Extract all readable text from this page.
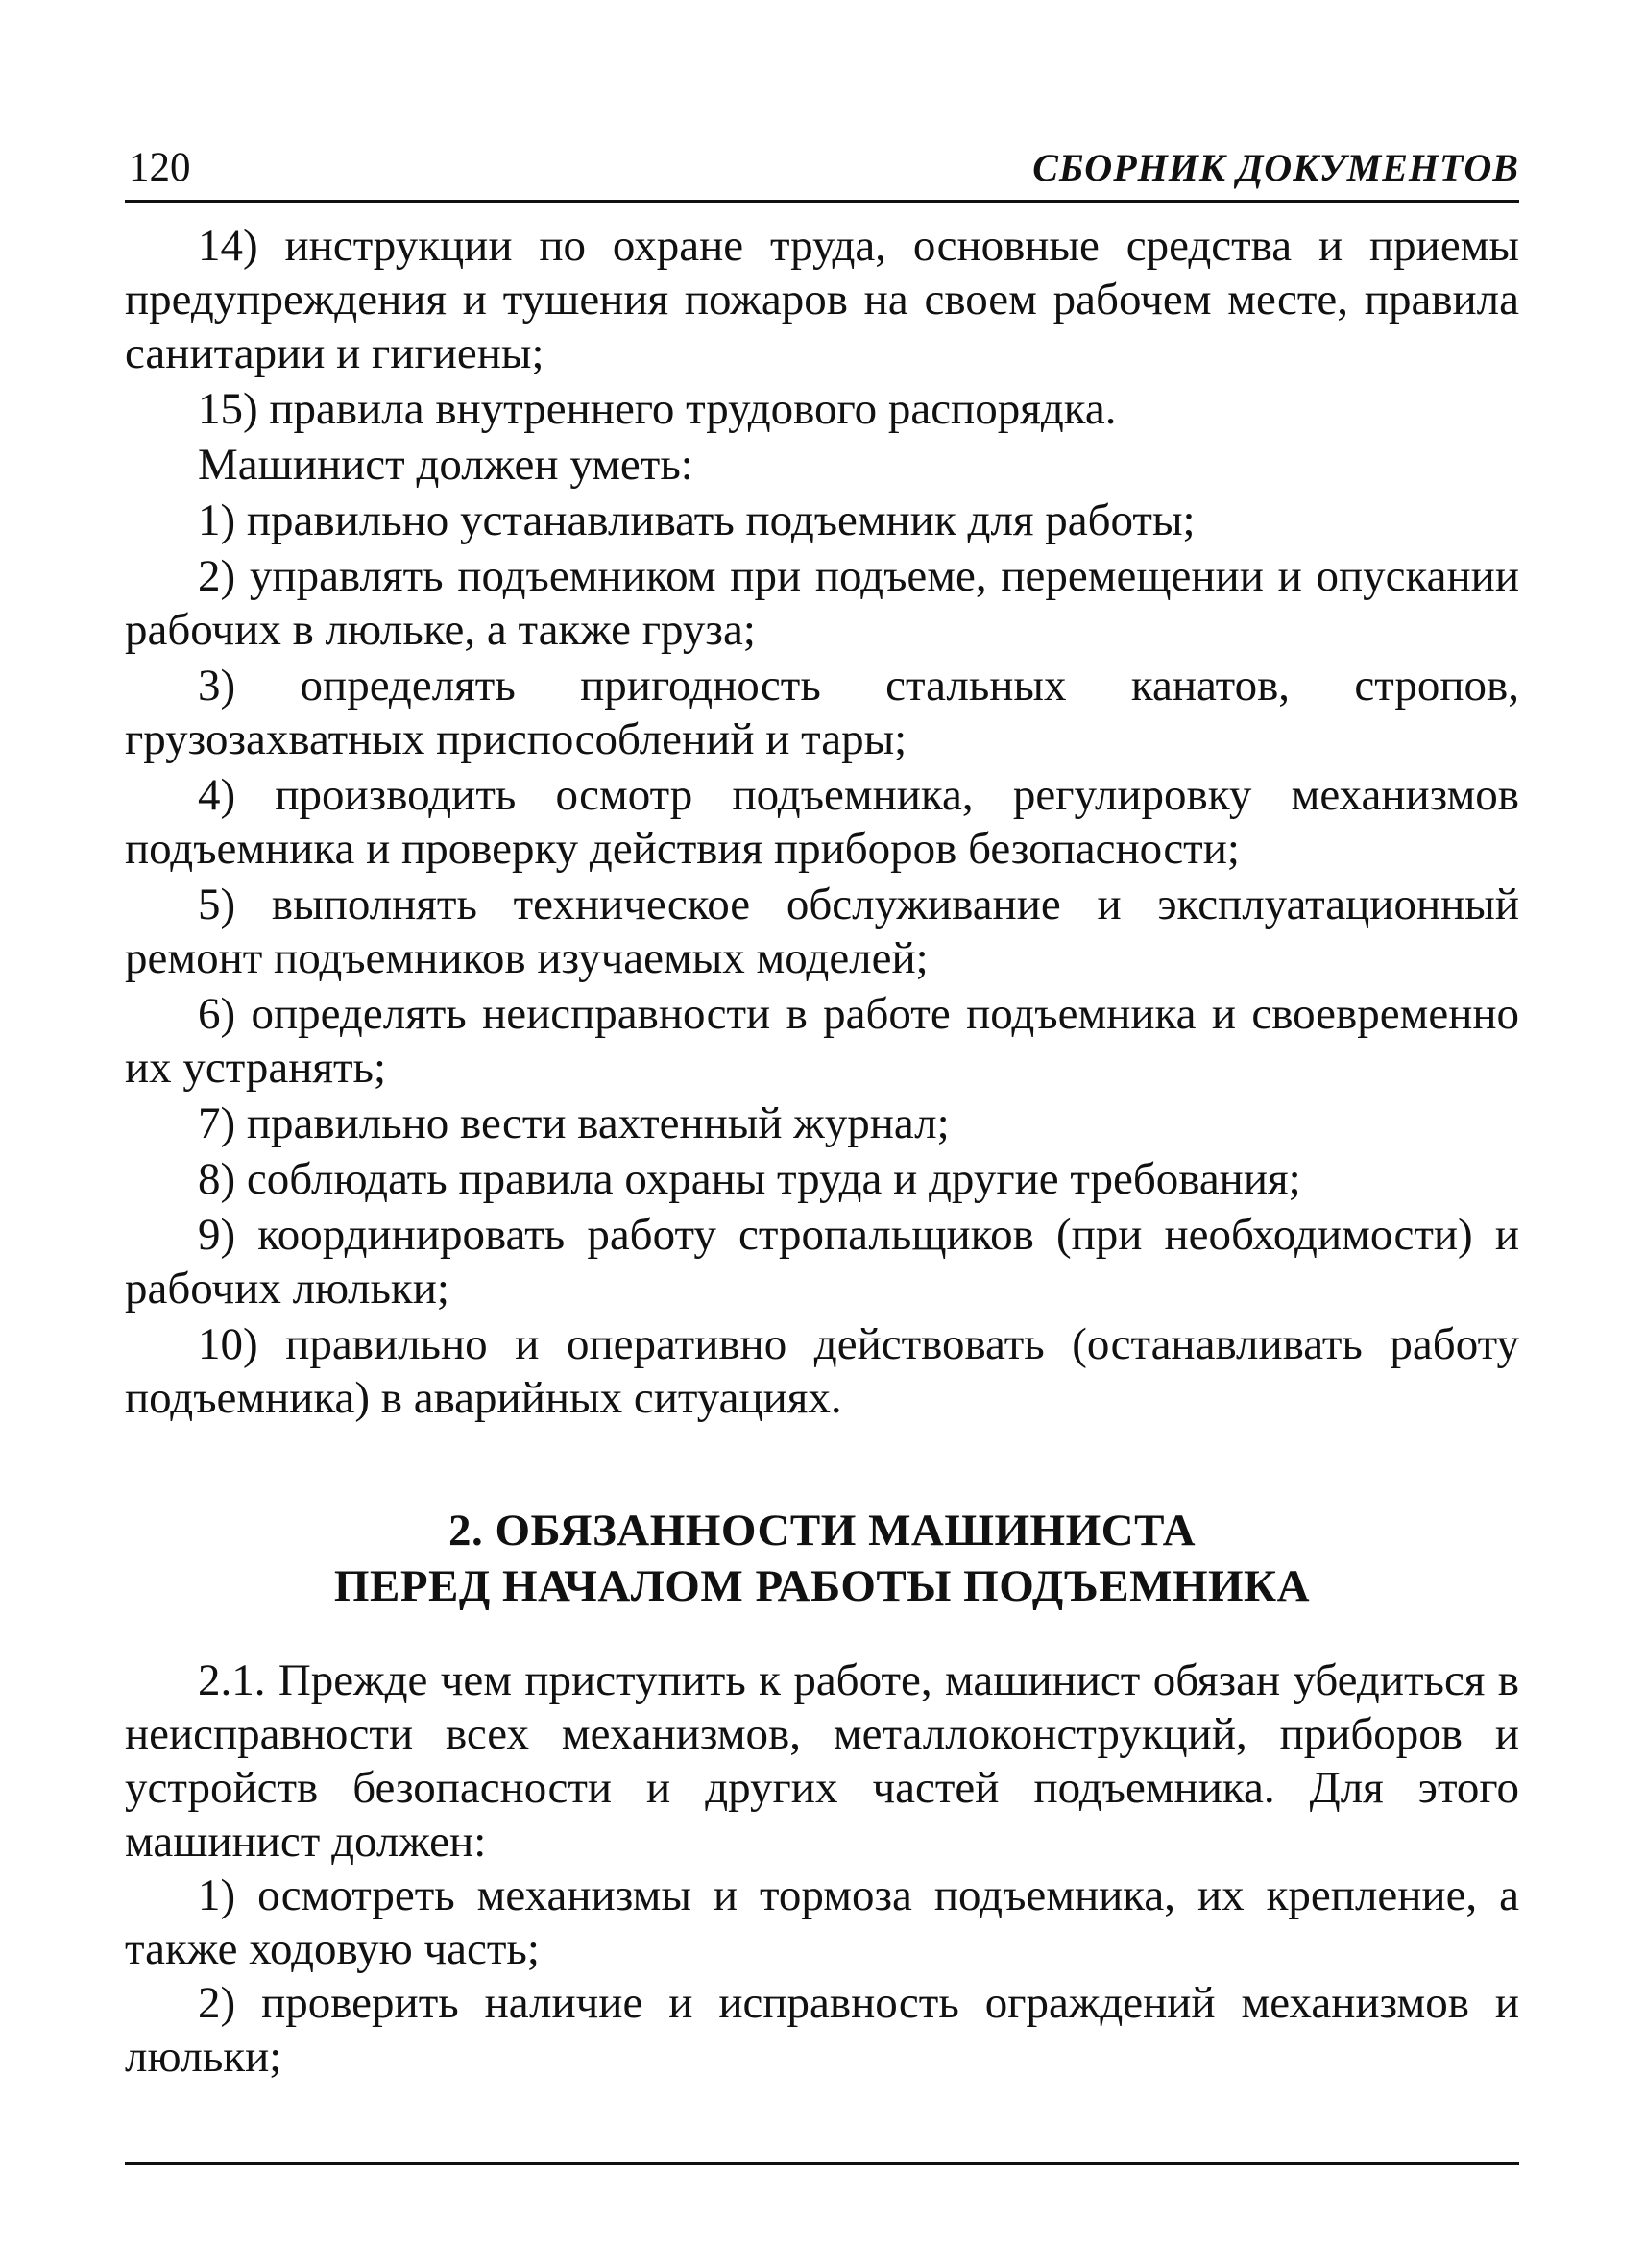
120	СБОРНИК ДОКУМЕНТОВ

14) инструкции по охране труда, основные средства и приемы предупреждения и тушения пожаров на своем рабочем месте, правила санитарии и гигиены;

15) правила внутреннего трудового распорядка.

Машинист должен уметь:

1) правильно устанавливать подъемник для работы;

2) управлять подъемником при подъеме, перемещении и опускании рабочих в люльке, а также груза;

3) определять пригодность стальных канатов, стропов, грузозахватных приспособлений и тары;

4) производить осмотр подъемника, регулировку механизмов подъемника и проверку действия приборов безопасности;

5) выполнять техническое обслуживание и эксплуатационный ремонт подъемников изучаемых моделей;

6) определять неисправности в работе подъемника и своевременно их устранять;

7) правильно вести вахтенный журнал;

8) соблюдать правила охраны труда и другие требования;

9) координировать работу стропальщиков (при необходимости) и рабочих люльки;

10) правильно и оперативно действовать (останавливать работу подъемника) в аварийных ситуациях.

2. ОБЯЗАННОСТИ МАШИНИСТА
ПЕРЕД НАЧАЛОМ РАБОТЫ ПОДЪЕМНИКА

2.1. Прежде чем приступить к работе, машинист обязан убедиться в неисправности всех механизмов, металлоконструкций, приборов и устройств безопасности и других частей подъемника. Для этого машинист должен:

1) осмотреть механизмы и тормоза подъемника, их крепление, а также ходовую часть;

2) проверить наличие и исправность ограждений механизмов и люльки;
